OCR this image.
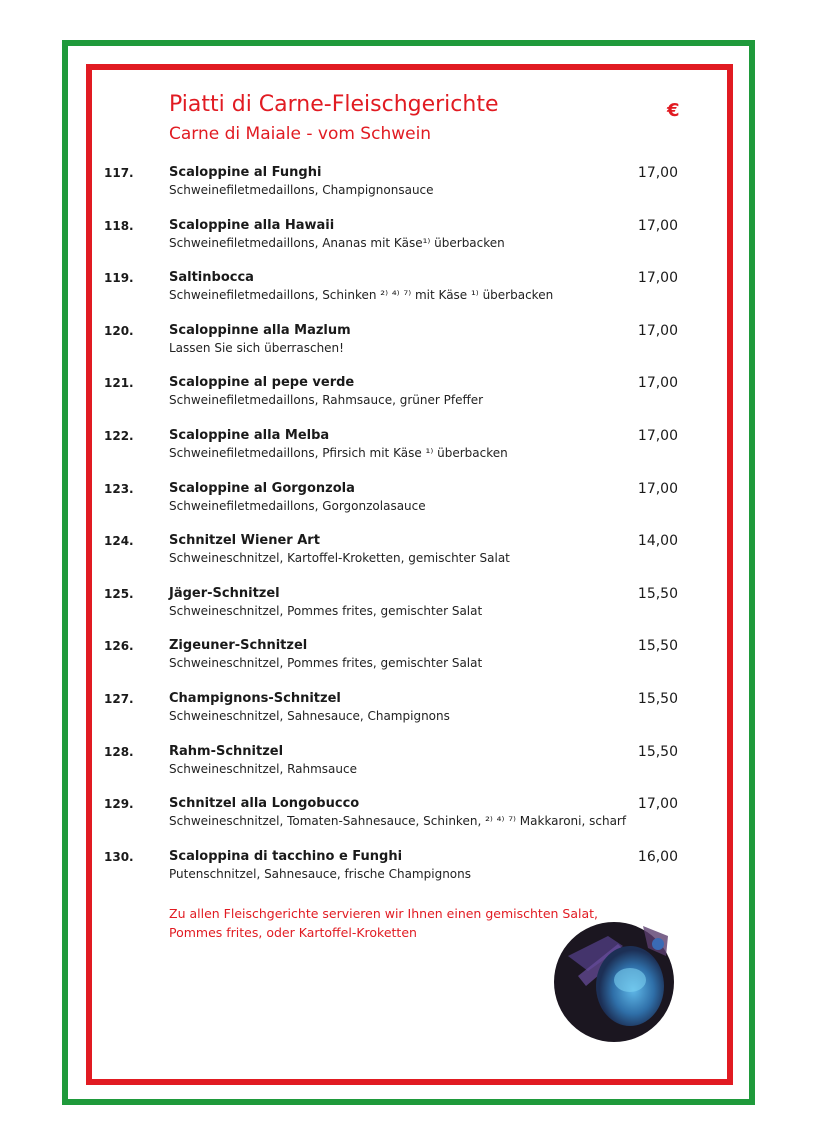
Piatti di Carne-Fleischgerichte
Carne di Maiale - vom Schwein
€
117.	Scaloppine al Funghi
Schweinefiletmedaillons, Champignonsauce
17,00
118.	Scaloppine alla Hawaii
Schweinefiletmedaillons, Ananas mit Käse¹⁾ überbacken
17,00
119.	Saltinbocca
Schweinefiletmedaillons, Schinken ²⁾ ⁴⁾ ⁷⁾ mit Käse ¹⁾ überbacken
17,00
120.	Scaloppinne alla Mazlum
Lassen Sie sich überraschen!
17,00
121.	Scaloppine al pepe verde
Schweinefiletmedaillons, Rahmsauce, grüner Pfeffer
17,00
122.	Scaloppine alla Melba
Schweinefiletmedaillons, Pfirsich mit Käse ¹⁾ überbacken
17,00
123.	Scaloppine al Gorgonzola
Schweinefiletmedaillons, Gorgonzolasauce
17,00
124.	Schnitzel Wiener Art
Schweineschnitzel, Kartoffel-Kroketten, gemischter Salat
14,00
125.	Jäger-Schnitzel
Schweineschnitzel, Pommes frites, gemischter Salat
15,50
126.	Zigeuner-Schnitzel
Schweineschnitzel, Pommes frites, gemischter Salat
15,50
127.	Champignons-Schnitzel
Schweineschnitzel, Sahnesauce, Champignons
15,50
128.	Rahm-Schnitzel
Schweineschnitzel, Rahmsauce
15,50
129.	Schnitzel alla Longobucco
Schweineschnitzel, Tomaten-Sahnesauce, Schinken, ²⁾ ⁴⁾ ⁷⁾ Makkaroni, scharf
17,00
130.	Scaloppina di tacchino e Funghi
Putenschnitzel, Sahnesauce, frische Champignons
16,00
Zu allen Fleischgerichte servieren wir Ihnen einen gemischten Salat,
Pommes frites, oder Kartoffel-Kroketten
